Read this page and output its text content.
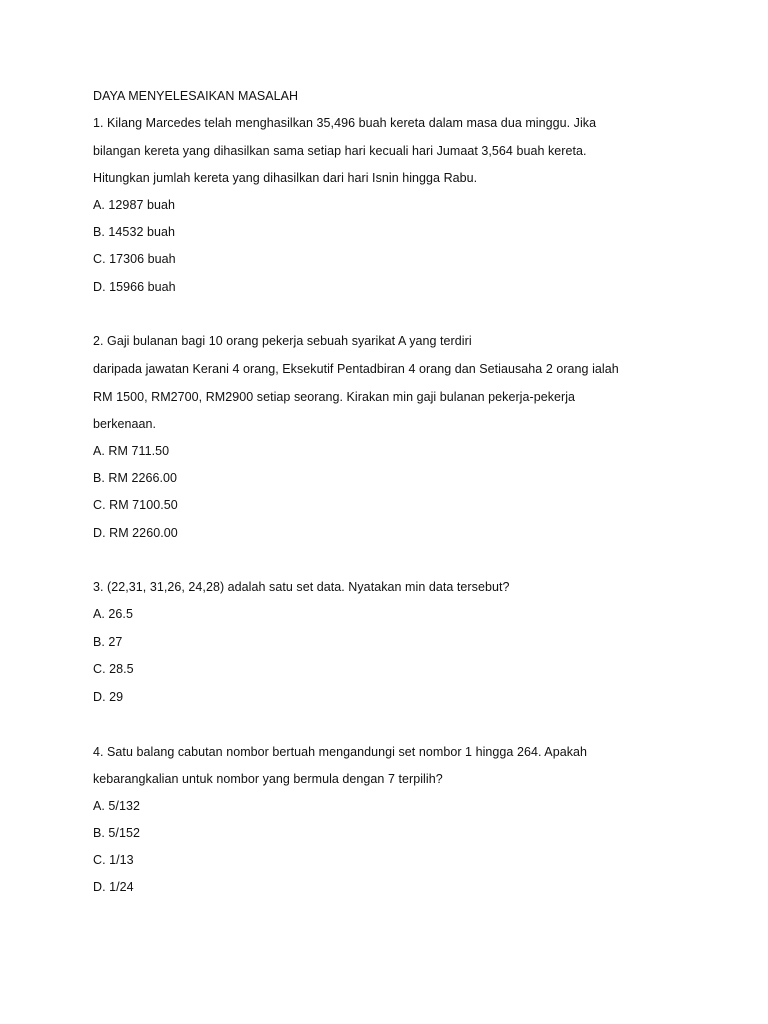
DAYA MENYELESAIKAN MASALAH
1. Kilang Marcedes telah menghasilkan 35,496 buah kereta dalam masa dua minggu. Jika
bilangan kereta yang dihasilkan sama setiap hari kecuali hari Jumaat 3,564 buah kereta.
Hitungkan jumlah kereta yang dihasilkan dari hari Isnin hingga Rabu.
A. 12987 buah
B. 14532 buah
C. 17306 buah
D. 15966 buah
2. Gaji bulanan bagi 10 orang pekerja sebuah syarikat A yang terdiri
daripada jawatan Kerani 4 orang, Eksekutif Pentadbiran 4 orang dan Setiausaha 2 orang ialah
RM 1500, RM2700, RM2900 setiap seorang. Kirakan min gaji bulanan pekerja-pekerja
berkenaan.
A. RM 711.50
B. RM 2266.00
C. RM 7100.50
D. RM 2260.00
3. (22,31, 31,26, 24,28) adalah satu set data. Nyatakan min data tersebut?
A. 26.5
B. 27
C. 28.5
D. 29
4. Satu balang cabutan nombor bertuah mengandungi set nombor 1 hingga 264. Apakah
kebarangkalian untuk nombor yang bermula dengan 7 terpilih?
A. 5/132
B. 5/152
C. 1/13
D. 1/24
